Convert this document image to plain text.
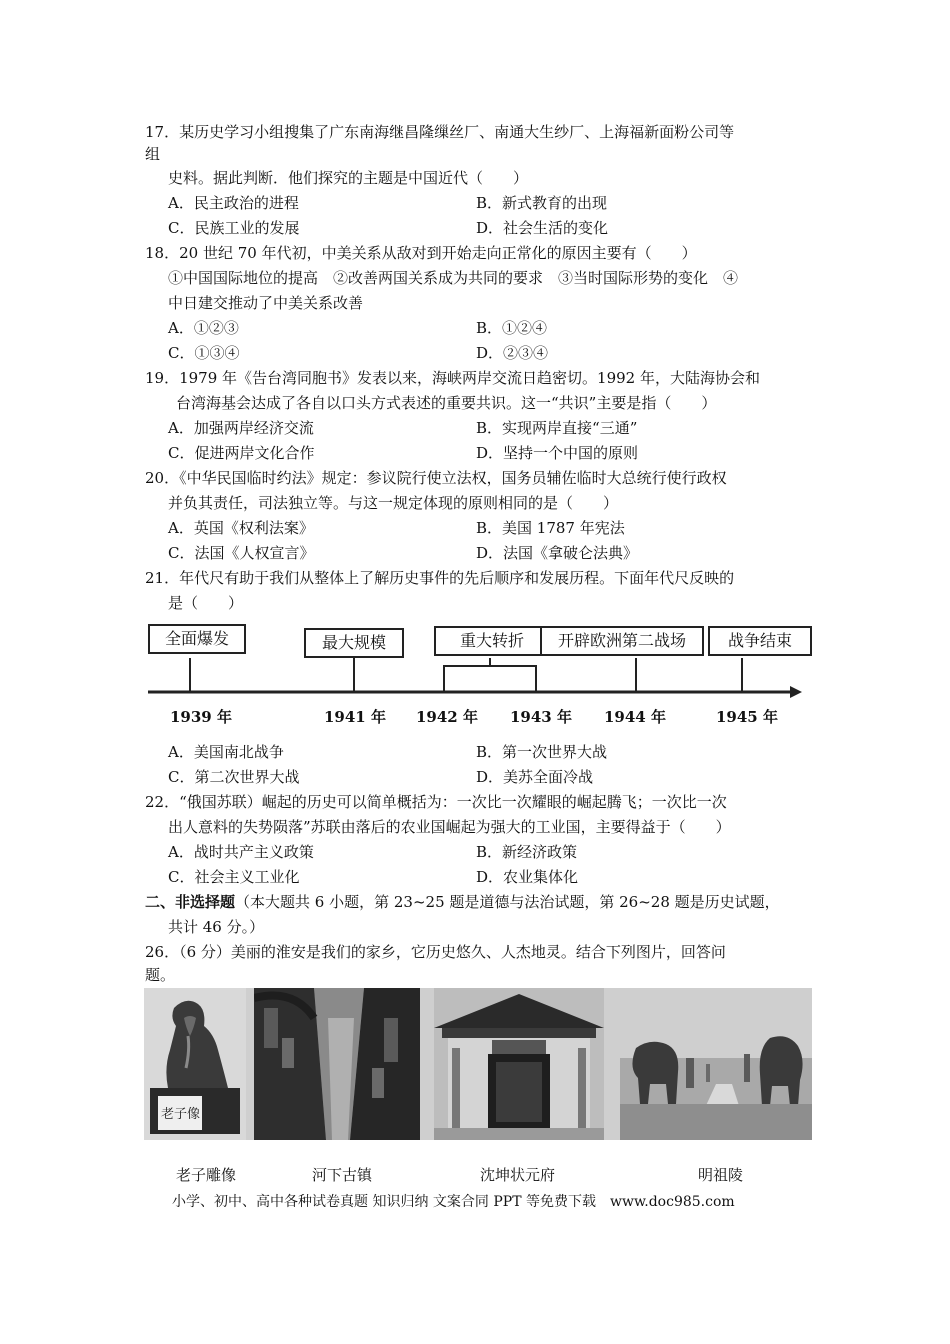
17．某历史学习小组搜集了广东南海继昌隆缫丝厂、南通大生纱厂、上海福新面粉公司等
组
史料。据此判断．他们探究的主题是中国近代（　　）
A．民主政治的进程	B．新式教育的出现
C．民族工业的发展	D．社会生活的变化
18．20 世纪 70 年代初，中美关系从敌对到开始走向正常化的原因主要有（　　）
①中国国际地位的提高　②改善两国关系成为共同的要求　③当时国际形势的变化　④
中日建交推动了中美关系改善
A．①②③	B．①②④
C．①③④	D．②③④
19．1979 年《告台湾同胞书》发表以来，海峡两岸交流日趋密切。1992 年，大陆海协会和
台湾海基会达成了各自以口头方式表述的重要共识。这一“共识”主要是指（　　）
A．加强两岸经济交流	B．实现两岸直接“三通”
C．促进两岸文化合作	D．坚持一个中国的原则
20．《中华民国临时约法》规定：参议院行使立法权，国务员辅佐临时大总统行使行政权
并负其责任，司法独立等。与这一规定体现的原则相同的是（　　）
A．英国《权利法案》	B．美国 1787 年宪法
C．法国《人权宣言》	D．法国《拿破仑法典》
21．年代尺有助于我们从整体上了解历史事件的先后顺序和发展历程。下面年代尺反映的
是（　　）
全面爆发	最大规模	重大转折	开辟欧洲第二战场	战争结束
1939 年	1941 年 1942 年 1943 年 1944 年	1945 年
A．美国南北战争	B．第一次世界大战
C．第二次世界大战	D．美苏全面冷战
22．“俄国苏联）崛起的历史可以简单概括为：一次比一次耀眼的崛起腾飞；一次比一次
出人意料的失势陨落”苏联由落后的农业国崛起为强大的工业国，主要得益于（　　）
A．战时共产主义政策	B．新经济政策
C．社会主义工业化	D．农业集体化
二、非选择题（本大题共 6 小题，第 23~25 题是道德与法治试题，第 26~28 题是历史试题，
共计 46 分。）
26．（6 分）美丽的淮安是我们的家乡，它历史悠久、人杰地灵。结合下列图片，回答问
题。
老子像
老子雕像	河下古镇	沈坤状元府	明祖陵
小学、初中、高中各种试卷真题 知识归纳 文案合同 PPT 等免费下载　www.doc985.com
